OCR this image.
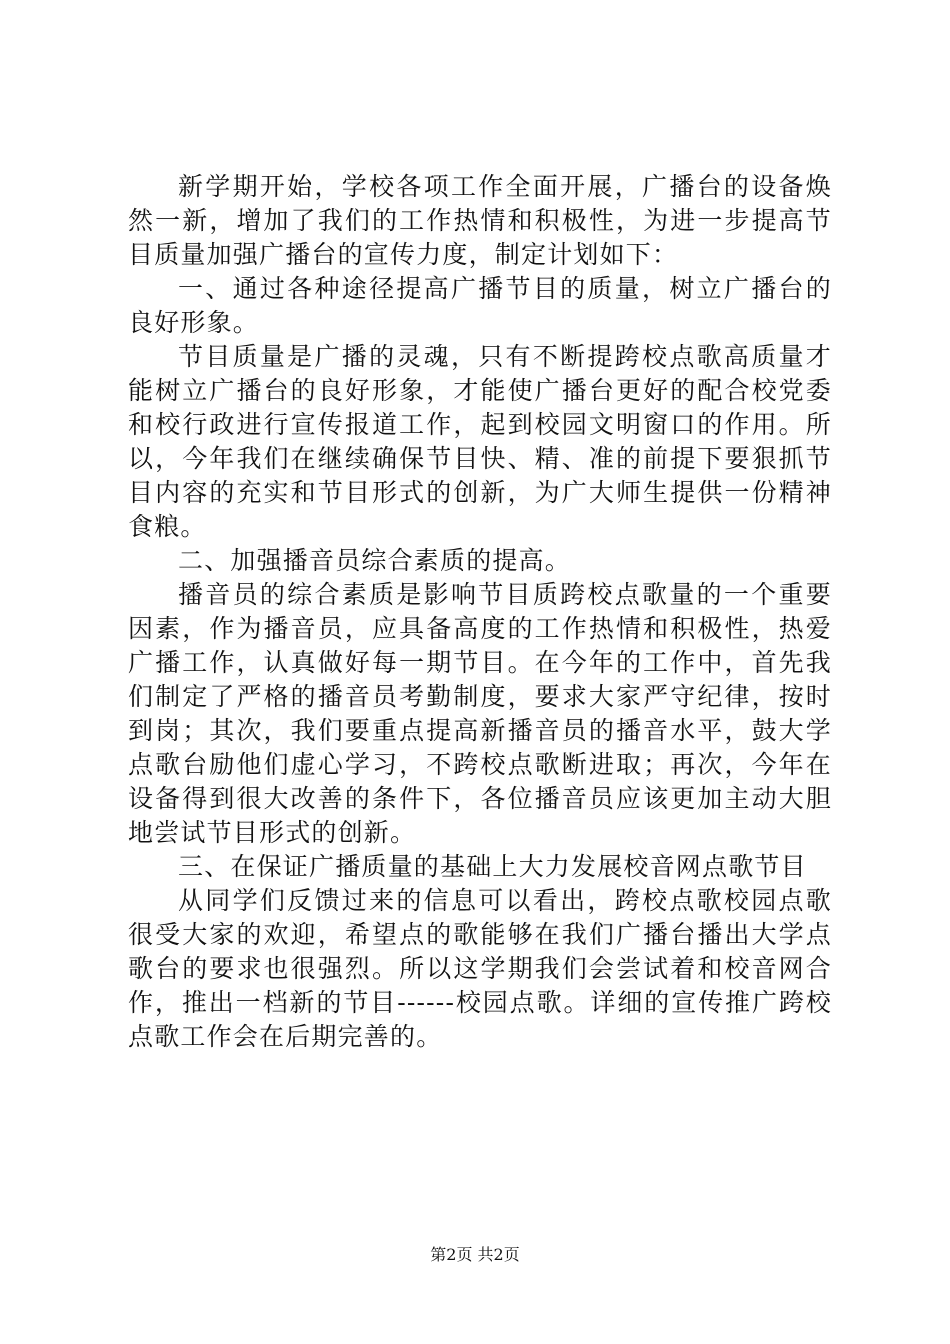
新学期开始，学校各项工作全面开展，广播台的设备焕然一新，增加了我们的工作热情和积极性，为进一步提高节目质量加强广播台的宣传力度，制定计划如下：

一、通过各种途径提高广播节目的质量，树立广播台的良好形象。

节目质量是广播的灵魂，只有不断提跨校点歌高质量才能树立广播台的良好形象，才能使广播台更好的配合校党委和校行政进行宣传报道工作，起到校园文明窗口的作用。所以，今年我们在继续确保节目快、精、准的前提下要狠抓节目内容的充实和节目形式的创新，为广大师生提供一份精神食粮。

二、加强播音员综合素质的提高。

播音员的综合素质是影响节目质跨校点歌量的一个重要因素，作为播音员，应具备高度的工作热情和积极性，热爱广播工作，认真做好每一期节目。在今年的工作中，首先我们制定了严格的播音员考勤制度，要求大家严守纪律，按时到岗；其次，我们要重点提高新播音员的播音水平，鼓大学点歌台励他们虚心学习，不跨校点歌断进取；再次，今年在设备得到很大改善的条件下，各位播音员应该更加主动大胆地尝试节目形式的创新。

三、在保证广播质量的基础上大力发展校音网点歌节目

从同学们反馈过来的信息可以看出，跨校点歌校园点歌很受大家的欢迎，希望点的歌能够在我们广播台播出大学点歌台的要求也很强烈。所以这学期我们会尝试着和校音网合作，推出一档新的节目------校园点歌。详细的宣传推广跨校点歌工作会在后期完善的。

第2页 共2页
